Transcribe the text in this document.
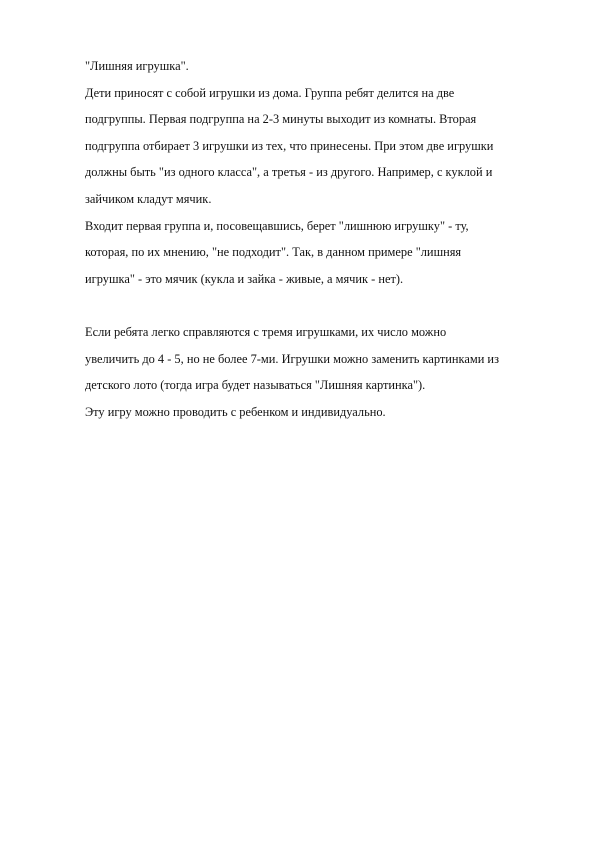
"Лишняя игрушка".

Дети приносят с собой игрушки из дома. Группа ребят делится на две
подгруппы. Первая подгруппа на 2-3 минуты выходит из комнаты. Вторая
подгруппа отбирает 3 игрушки из тех, что принесены. При этом две игрушки
должны быть "из одного класса", а третья - из другого. Например, с куклой и
зайчиком кладут мячик.

Входит первая группа и, посовещавшись, берет "лишнюю игрушку" - ту,
которая, по их мнению, "не подходит". Так, в данном примере "лишняя
игрушка" - это мячик (кукла и зайка - живые, а мячик - нет).

Если ребята легко справляются с тремя игрушками, их число можно
увеличить до 4 - 5, но не более 7-ми. Игрушки можно заменить картинками из
детского лото (тогда игра будет называться "Лишняя картинка").

Эту игру можно проводить с ребенком и индивидуально.
